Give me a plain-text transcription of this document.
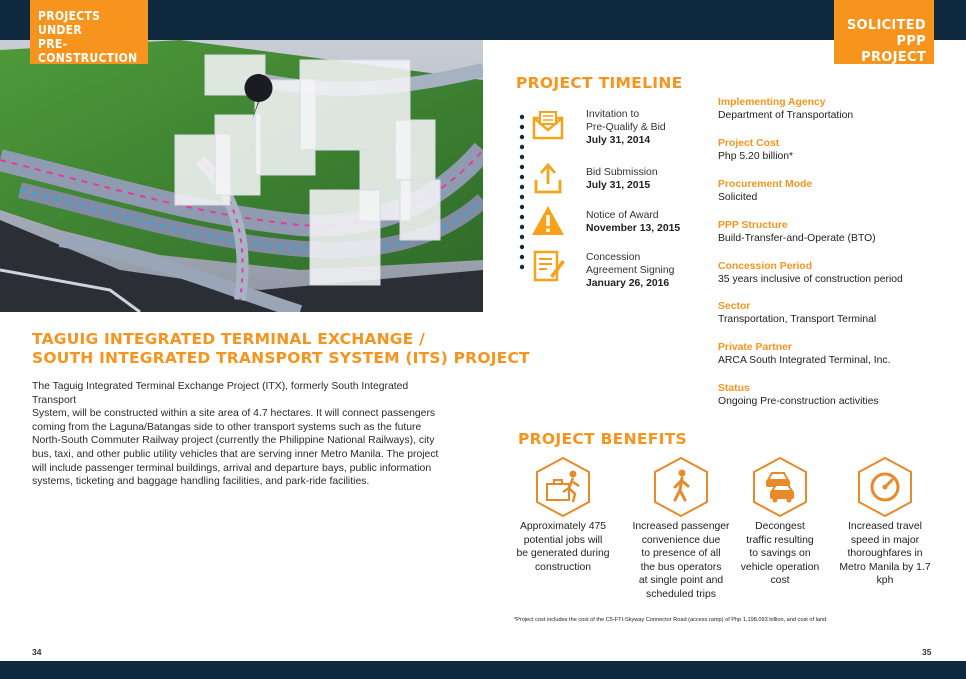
PROJECTS
UNDER
PRE-CONSTRUCTION
SOLICITED
PPP PROJECT
TAGUIG INTEGRATED TERMINAL EXCHANGE /
SOUTH INTEGRATED TRANSPORT SYSTEM (ITS) PROJECT
The Taguig Integrated Terminal Exchange Project (ITX), formerly South Integrated Transport
System, will be constructed within a site area of 4.7 hectares. It will connect passengers
coming from the Laguna/Batangas side to other transport systems such as the future
North-South Commuter Railway project (currently the Philippine National Railways), city
bus, taxi, and other public utility vehicles that are serving inner Metro Manila. The project
will include passenger terminal buildings, arrival and departure bays, public information
systems, ticketing and baggage handling facilities, and park-ride facilities.
PROJECT TIMELINE
Invitation to
Pre-Qualify & Bid
July 31, 2014
Bid Submission
July 31, 2015
Notice of Award
November 13, 2015
Concession
Agreement Signing
January 26, 2016
Implementing Agency
Department of Transportation
Project Cost
Php 5.20 billion*
Procurement Mode
Solicited
PPP Structure
Build-Transfer-and-Operate (BTO)
Concession Period
35 years inclusive of construction period
Sector
Transportation, Transport Terminal
Private Partner
ARCA South Integrated Terminal, Inc.
Status
Ongoing Pre-construction activities
PROJECT BENEFITS
Approximately 475
potential jobs will
be generated during
construction
Increased passenger
convenience due
to presence of all
the bus operators
at single point and
scheduled trips
Decongest
traffic resulting
to savings on
vehicle operation
cost
Increased travel
speed in major
thoroughfares in
Metro Manila by 1.7
kph
*Project cost includes the cost of the C5-FTI-Skyway Connector Road (access ramp) of Php 1,198.093 billion, and cost of land
34	35
